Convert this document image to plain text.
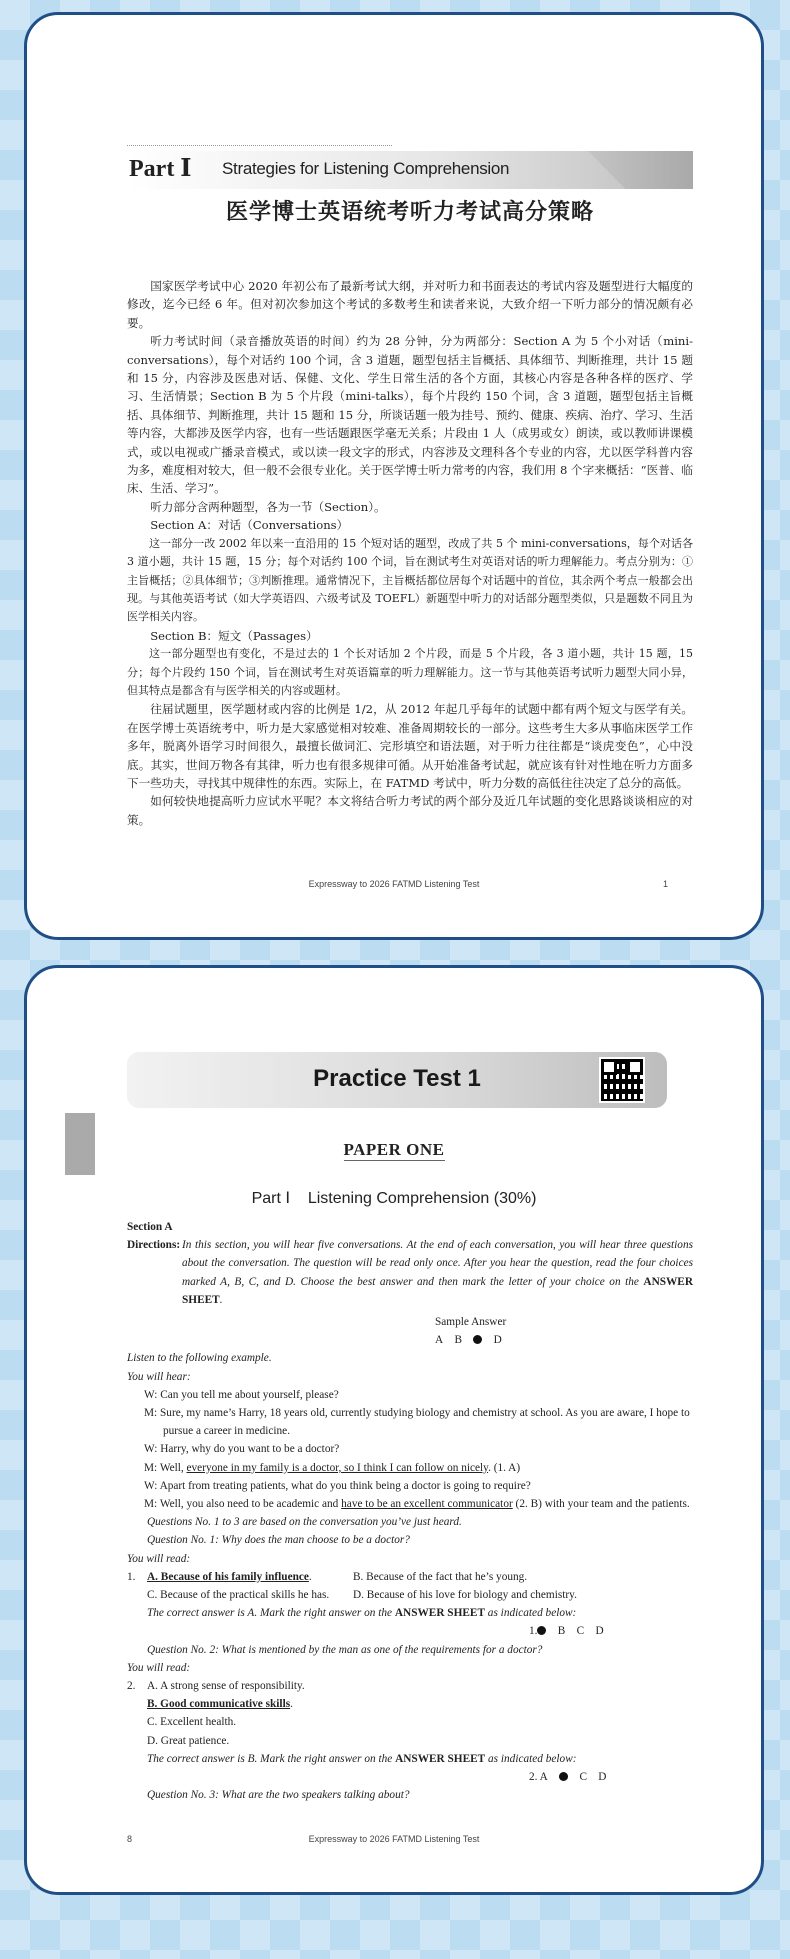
Part Ⅰ Strategies for Listening Comprehension
医学博士英语统考听力考试高分策略

国家医学考试中心 2020 年初公布了最新考试大纲，并对听力和书面表达的考试内容及题型进行大幅度的修改，迄今已经 6 年。但对初次参加这个考试的多数考生和读者来说，大致介绍一下听力部分的情况颇有必要。

听力考试时间（录音播放英语的时间）约为 28 分钟，分为两部分：Section A 为 5 个小对话（mini-conversations），每个对话约 100 个词，含 3 道题，题型包括主旨概括、具体细节、判断推理，共计 15 题和 15 分，内容涉及医患对话、保健、文化、学生日常生活的各个方面，其核心内容是各种各样的医疗、学习、生活情景；Section B 为 5 个片段（mini-talks），每个片段约 150 个词，含 3 道题，题型包括主旨概括、具体细节、判断推理，共计 15 题和 15 分，所谈话题一般为挂号、预约、健康、疾病、治疗、学习、生活等内容，大都涉及医学内容，也有一些话题跟医学毫无关系；片段由 1 人（成男或女）朗读，或以教师讲课模式，或以电视或广播录音模式，或以读一段文字的形式，内容涉及文理科各个专业的内容，尤以医学科普内容为多，难度相对较大，但一般不会很专业化。关于医学博士听力常考的内容，我们用 8 个字来概括：“医普、临床、生活、学习”。

听力部分含两种题型，各为一节（Section）。

Section A：对话（Conversations）

这一部分一改 2002 年以来一直沿用的 15 个短对话的题型，改成了共 5 个 mini-conversations，每个对话各 3 道小题，共计 15 题，15 分；每个对话约 100 个词，旨在测试考生对英语对话的听力理解能力。考点分别为：①主旨概括；②具体细节；③判断推理。通常情况下，主旨概括都位居每个对话题中的首位，其余两个考点一般都会出现。与其他英语考试（如大学英语四、六级考试及 TOEFL）新题型中听力的对话部分题型类似，只是题数不同且为医学相关内容。

Section B：短文（Passages）

这一部分题型也有变化，不是过去的 1 个长对话加 2 个片段，而是 5 个片段，各 3 道小题，共计 15 题，15 分；每个片段约 150 个词，旨在测试考生对英语篇章的听力理解能力。这一节与其他英语考试听力题型大同小异，但其特点是都含有与医学相关的内容或题材。

往届试题里，医学题材或内容的比例是 1/2，从 2012 年起几乎每年的试题中都有两个短文与医学有关。在医学博士英语统考中，听力是大家感觉相对较难、准备周期较长的一部分。这些考生大多从事临床医学工作多年，脱离外语学习时间很久，最擅长做词汇、完形填空和语法题，对于听力往往都是“谈虎变色”，心中没底。其实，世间万物各有其律，听力也有很多规律可循。从开始准备考试起，就应该有针对性地在听力方面多下一些功夫，寻找其中规律性的东西。实际上，在 FATMD 考试中，听力分数的高低往往决定了总分的高低。

如何较快地提高听力应试水平呢？本文将结合听力考试的两个部分及近几年试题的变化思路谈谈相应的对策。

Expressway to 2026 FATMD Listening Test	1
Practice Test 1
PAPER ONE
Part Ⅰ    Listening Comprehension (30%)
Section A
Directions: In this section, you will hear five conversations. At the end of each conversation, you will hear three questions about the conversation. The question will be read only once. After you hear the question, read the four choices marked A, B, C, and D. Choose the best answer and then mark the letter of your choice on the ANSWER SHEET.
Sample Answer
A B	D
Listen to the following example.
You will hear:
W: Can you tell me about yourself, please?
M: Sure, my name’s Harry, 18 years old, currently studying biology and chemistry at school. As you are aware, I hope to pursue a career in medicine.
W: Harry, why do you want to be a doctor?
M: Well, everyone in my family is a doctor, so I think I can follow on nicely. (1. A)
W: Apart from treating patients, what do you think being a doctor is going to require?
M: Well, you also need to be academic and have to be an excellent communicator (2. B) with your team and the patients.
Questions No. 1 to 3 are based on the conversation you’ve just heard.
Question No. 1: Why does the man choose to be a doctor?
You will read:
1. A. Because of his family influence.	B. Because of the fact that he’s young.
C. Because of the practical skills he has.	D. Because of his love for biology and chemistry.
The correct answer is A. Mark the right answer on the ANSWER SHEET as indicated below:
1. B C D
Question No. 2: What is mentioned by the man as one of the requirements for a doctor?
You will read:
2. A. A strong sense of responsibility.
B. Good communicative skills.
C. Excellent health.
D. Great patience.
The correct answer is B. Mark the right answer on the ANSWER SHEET as indicated below:
2. A	C D
Question No. 3: What are the two speakers talking about?
8	Expressway to 2026 FATMD Listening Test
